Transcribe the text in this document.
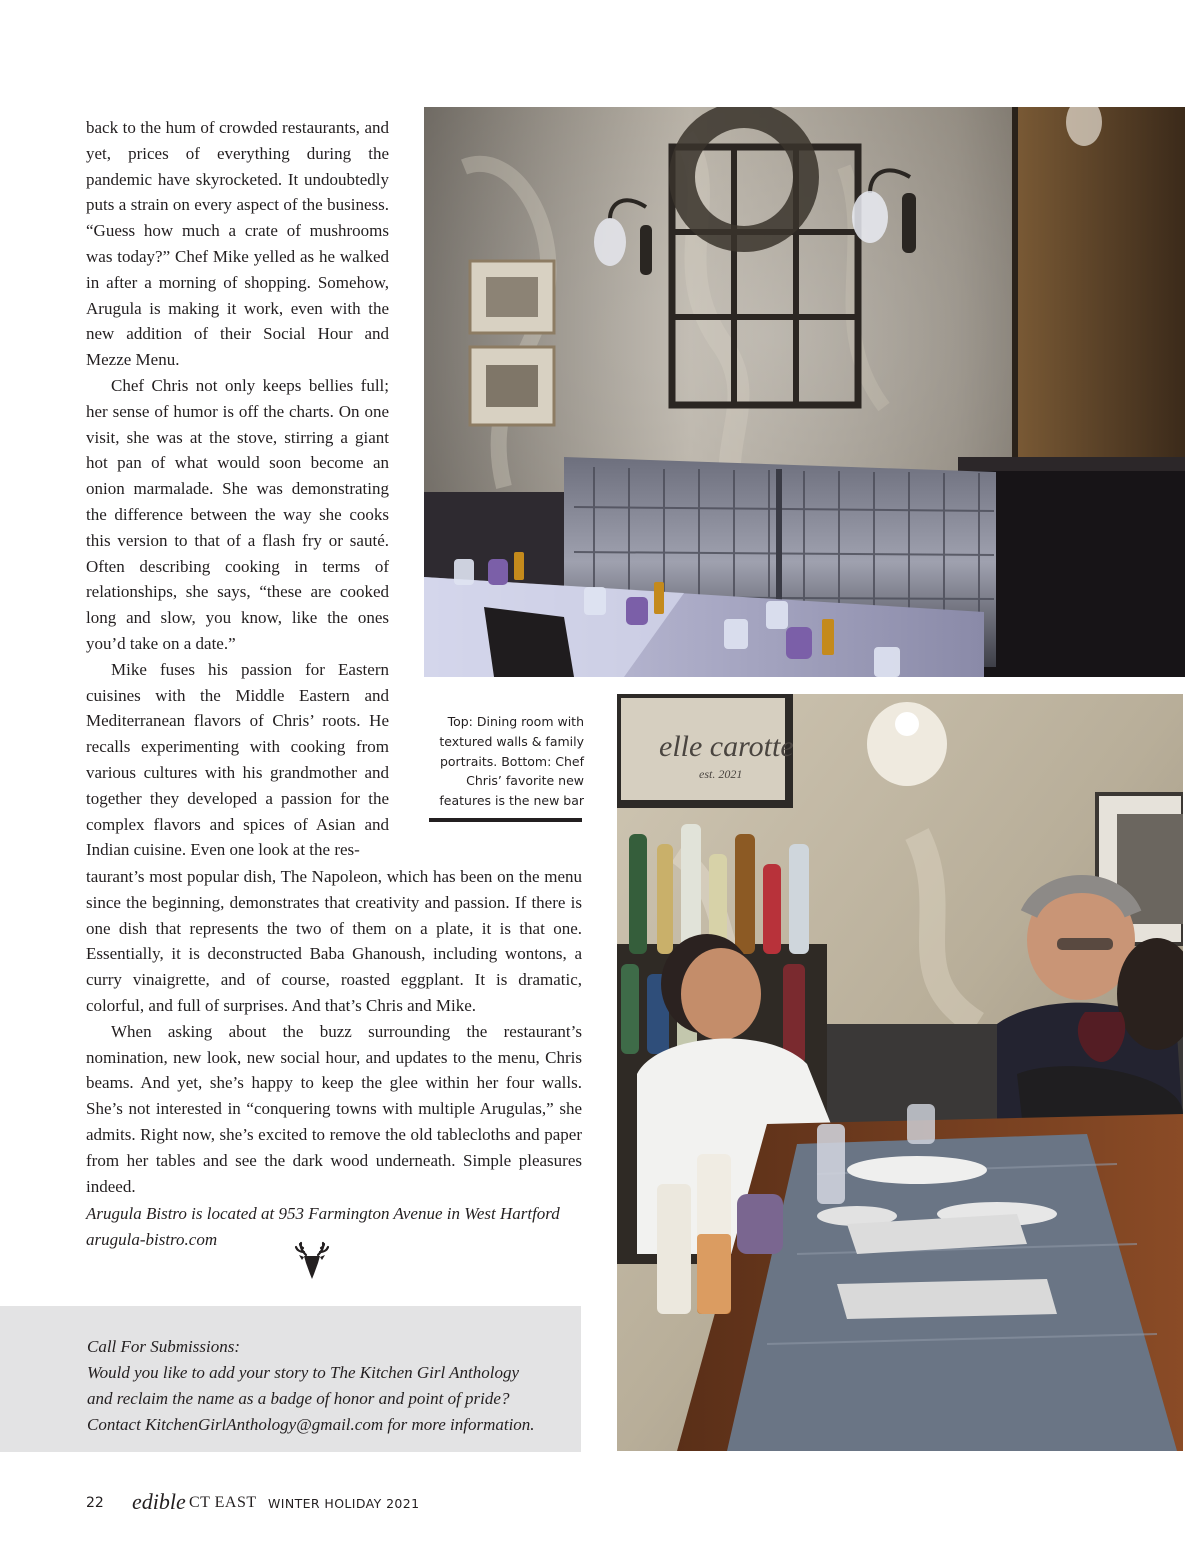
elle carotte
est. 2021

back to the hum of crowded restaurants, and yet, prices of everything during the pandemic have skyrocketed. It undoubtedly puts a strain on every aspect of the business. “Guess how much a crate of mushrooms was today?” Chef Mike yelled as he walked in after a morning of shopping. Somehow, Arugula is making it work, even with the new addition of their Social Hour and Mezze Menu.

Chef Chris not only keeps bellies full; her sense of humor is off the charts. On one visit, she was at the stove, stirring a giant hot pan of what would soon become an onion marmalade. She was demonstrating the difference between the way she cooks this version to that of a flash fry or sauté. Often describing cooking in terms of relationships, she says, “these are cooked long and slow, you know, like the ones you’d take on a date.”

Mike fuses his passion for Eastern cuisines with the Middle Eastern and Mediterranean flavors of Chris’ roots. He recalls experimenting with cooking from various cultures with his grandmother and together they developed a passion for the complex flavors and spices of Asian and Indian cuisine. Even one look at the res-

taurant’s most popular dish, The Napoleon, which has been on the menu since the beginning, demonstrates that creativity and passion. If there is one dish that represents the two of them on a plate, it is that one. Essentially, it is deconstructed Baba Ghanoush, including wontons, a curry vinaigrette, and of course, roasted eggplant. It is dramatic, colorful, and full of surprises. And that’s Chris and Mike.

When asking about the buzz surrounding the restaurant’s nomination, new look, new social hour, and updates to the menu, Chris beams. And yet, she’s happy to keep the glee within her four walls. She’s not interested in “conquering towns with multiple Arugulas,” she admits. Right now, she’s excited to remove the old tablecloths and paper from her tables and see the dark wood underneath. Simple pleasures indeed.

Top: Dining room with textured walls & family portraits. Bottom: Chef Chris’ favorite new features is the new bar
Arugula Bistro is located at 953 Farmington Avenue in West Hartford
arugula-bistro.com
Call For Submissions:
Would you like to add your story to The Kitchen Girl Anthology
and reclaim the name as a badge of honor and point of pride?
Contact KitchenGirlAnthology@gmail.com for more information.
22 edible CT EAST WINTER HOLIDAY 2021
